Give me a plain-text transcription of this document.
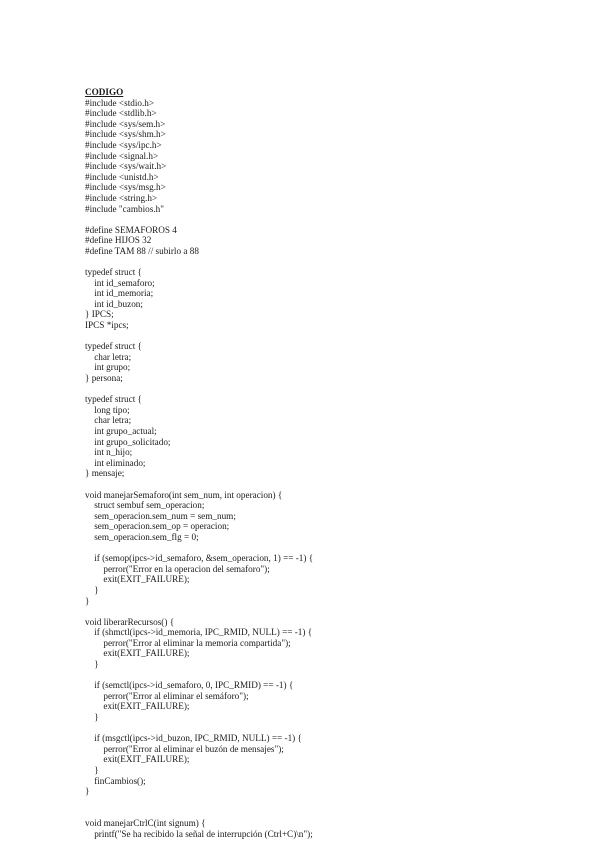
CODIGO
#include <stdio.h>
#include <stdlib.h>
#include <sys/sem.h>
#include <sys/shm.h>
#include <sys/ipc.h>
#include <signal.h>
#include <sys/wait.h>
#include <unistd.h>
#include <sys/msg.h>
#include <string.h>
#include "cambios.h"
#define SEMAFOROS 4
#define HIJOS 32
#define TAM 88 // subirlo a 88
typedef struct {
int id_semaforo;
int id_memoria;
int id_buzon;
} IPCS;
IPCS *ipcs;
typedef struct {
char letra;
int grupo;
} persona;
typedef struct {
long tipo;
char letra;
int grupo_actual;
int grupo_solicitado;
int n_hijo;
int eliminado;
} mensaje;
void manejarSemaforo(int sem_num, int operacion) {
struct sembuf sem_operacion;
sem_operacion.sem_num = sem_num;
sem_operacion.sem_op = operacion;
sem_operacion.sem_flg = 0;
if (semop(ipcs->id_semaforo, &sem_operacion, 1) == -1) {
perror("Error en la operacion del semaforo");
exit(EXIT_FAILURE);
}
}
void liberarRecursos() {
if (shmctl(ipcs->id_memoria, IPC_RMID, NULL) == -1) {
perror("Error al eliminar la memoria compartida");
exit(EXIT_FAILURE);
}
if (semctl(ipcs->id_semaforo, 0, IPC_RMID) == -1) {
perror("Error al eliminar el semáforo");
exit(EXIT_FAILURE);
}
if (msgctl(ipcs->id_buzon, IPC_RMID, NULL) == -1) {
perror("Error al eliminar el buzón de mensajes");
exit(EXIT_FAILURE);
}
finCambios();
}
void manejarCtrlC(int signum) {
printf("Se ha recibido la señal de interrupción (Ctrl+C)\n");
